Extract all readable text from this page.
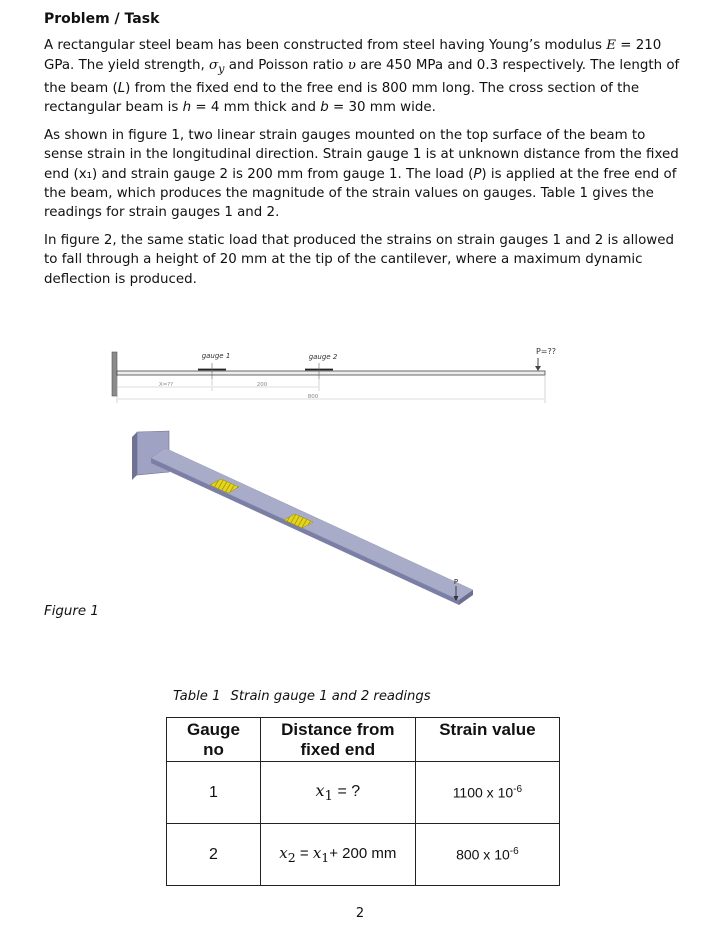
Problem / Task

A rectangular steel beam has been constructed from steel having Young’s modulus E = 210 GPa. The yield strength, $\sigma_y$ and Poisson ratio υ are 450 MPa and 0.3 respectively. The length of the beam (L) from the fixed end to the free end is 800 mm long. The cross section of the rectangular beam is h = 4 mm thick and b = 30 mm wide.

As shown in figure 1, two linear strain gauges mounted on the top surface of the beam to sense strain in the longitudinal direction. Strain gauge 1 is at unknown distance from the fixed end (x₁) and strain gauge 2 is 200 mm from gauge 1. The load (P) is applied at the free end of the beam, which produces the magnitude of the strain values on gauges. Table 1 gives the readings for strain gauges 1 and 2.

In figure 2, the same static load that produced the strains on strain gauges 1 and 2 is allowed to fall through a height of 20 mm at the tip of the cantilever, where a maximum dynamic deflection is produced.

gauge 1	gauge 2
P=??
X=??	200
800
P
Figure 1
Table 1 Strain gauge 1 and 2 readings
Gauge no	Distance from fixed end	Strain value
1	$x_1$ = ?	1100 x $10^{-6}$
2	$x_2 = x_1+ 200$ mm	800 x $10^{-6}$
2
